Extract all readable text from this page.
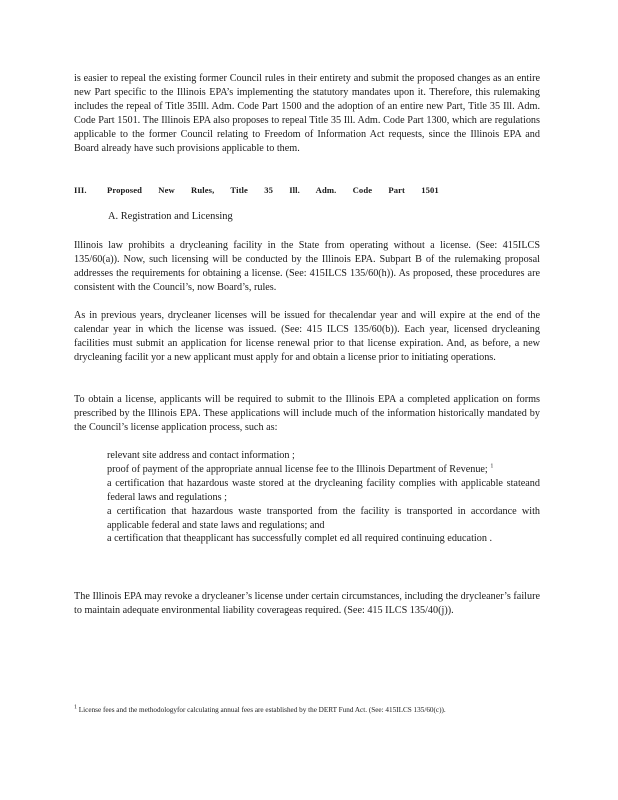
is easier to repeal the existing former Council rules in their entirety and submit the proposed changes as an entire new Part specific to the Illinois EPA’s implementing the statutory mandates upon it. Therefore, this rulemaking includes the repeal of Title 35Ill. Adm. Code Part 1500 and the adoption of an entire new Part, Title 35 Ill. Adm. Code Part 1501. The Illinois EPA also proposes to repeal Title 35 Ill. Adm. Code Part 1300, which are regulations applicable to the former Council relating to Freedom of Information Act requests, since the Illinois EPA and Board already have such provisions applicable to them.

III.	Proposed New Rules, Title 35 Ill. Adm. Code Part 1501
A. Registration and Licensing

Illinois law prohibits a drycleaning facility in the State from operating without a license. (See: 415ILCS 135/60(a)). Now, such licensing will be conducted by the Illinois EPA. Subpart B of the rulemaking proposal addresses the requirements for obtaining a license. (See: 415ILCS 135/60(h)). As proposed, these procedures are consistent with the Council’s, now Board’s, rules.

As in previous years, drycleaner licenses will be issued for thecalendar year and will expire at the end of the calendar year in which the license was issued. (See: 415 ILCS 135/60(b)). Each year, licensed drycleaning facilities must submit an application for license renewal prior to that license expiration. And, as before, a new drycleaning facilit yor a new applicant must apply for and obtain a license prior to initiating operations.

To obtain a license, applicants will be required to submit to the Illinois EPA a completed application on forms prescribed by the Illinois EPA. These applications will include much of the information historically mandated by the Council’s license application process, such as:

relevant site address and contact information ;
proof of payment of the appropriate annual license fee to the Illinois Department of Revenue; $^1$
a certification that hazardous waste stored at the drycleaning facility complies with applicable stateand federal laws and regulations ;
a certification that hazardous waste transported from the facility is transported in accordance with applicable federal and state laws and regulations; and
a certification that theapplicant has successfully complet ed all required continuing education .

The Illinois EPA may revoke a drycleaner’s license under certain circumstances, including the drycleaner’s failure to maintain adequate environmental liability coverageas required. (See: 415 ILCS 135/40(j)).

$^1$ License fees and the methodologyfor calculating annual fees are established by the DERT Fund Act. (See: 415ILCS 135/60(c)).
